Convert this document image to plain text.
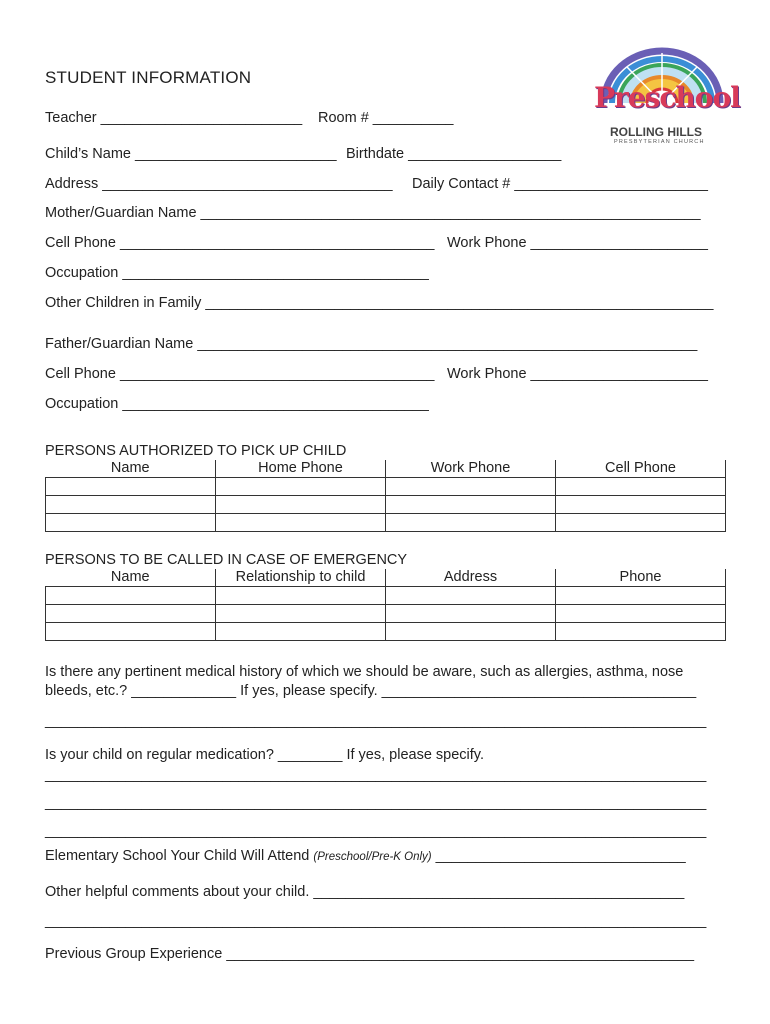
STUDENT INFORMATION
Preschool
ROLLING HILLS
PRESBYTERIAN CHURCH
Teacher _________________________ Room # __________
Child’s Name _________________________ Birthdate ___________________
Address ____________________________________ Daily Contact # ________________________
Mother/Guardian Name ______________________________________________________________
Cell Phone _______________________________________ Work Phone ______________________
Occupation ______________________________________
Other Children in Family _______________________________________________________________
Father/Guardian Name ______________________________________________________________
Cell Phone _______________________________________ Work Phone ______________________
Occupation ______________________________________
PERSONS AUTHORIZED TO PICK UP CHILD
Name	Home Phone	Work Phone	Cell Phone

PERSONS TO BE CALLED IN CASE OF EMERGENCY
Name	Relationship to child	Address	Phone

Is there any pertinent medical history of which we should be aware, such as allergies, asthma, nose
bleeds, etc.? _____________ If yes, please specify. _______________________________________
__________________________________________________________________________________
Is your child on regular medication? ________ If yes, please specify.
__________________________________________________________________________________
__________________________________________________________________________________
__________________________________________________________________________________
Elementary School Your Child Will Attend (Preschool/Pre-K Only) _______________________________
Other helpful comments about your child. ______________________________________________
__________________________________________________________________________________
Previous Group Experience __________________________________________________________
